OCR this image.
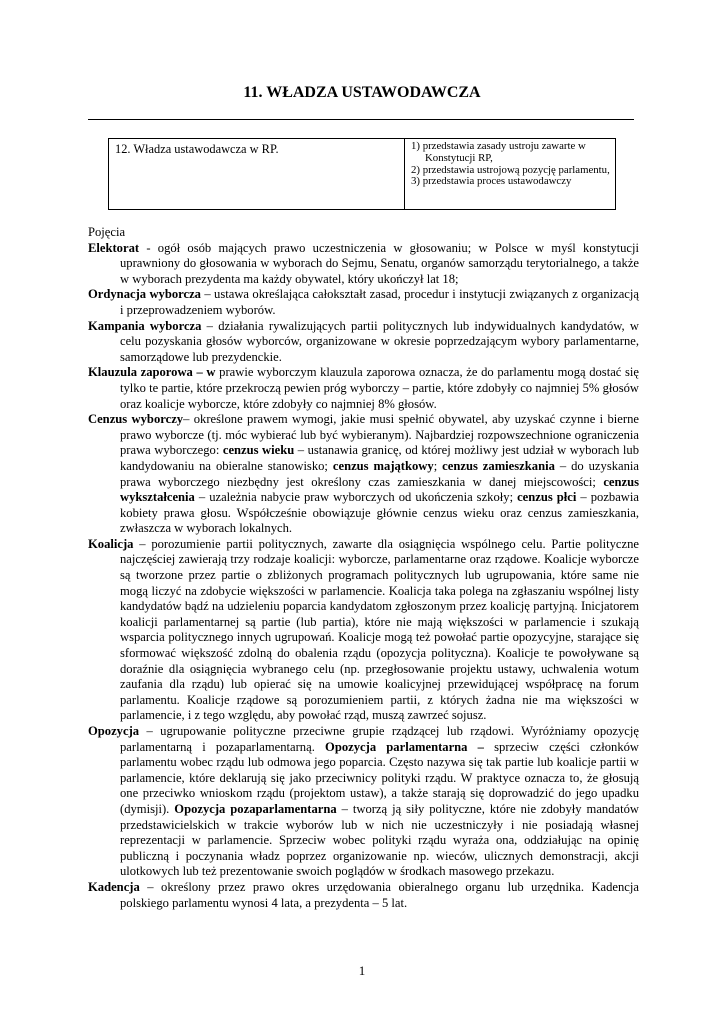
11. WŁADZA USTAWODAWCZA
12. Władza ustawodawcza w RP.	1) przedstawia zasady ustroju zawarte w Konstytucji RP,

2) przedstawia ustrojową pozycję parlamentu,

3) przedstawia proces ustawodawczy

Pojęcia

Elektorat - ogół osób mających prawo uczestniczenia w głosowaniu; w Polsce w myśl konstytucji uprawniony do głosowania w wyborach do Sejmu, Senatu, organów samorządu terytorialnego, a także w wyborach prezydenta ma każdy obywatel, który ukończył lat 18;

Ordynacja wyborcza – ustawa określająca całokształt zasad, procedur i instytucji związanych z organizacją i przeprowadzeniem wyborów.

Kampania wyborcza – działania rywalizujących partii politycznych lub indywidualnych kandydatów, w celu pozyskania głosów wyborców, organizowane w okresie poprzedzającym wybory parlamentarne, samorządowe lub prezydenckie.

Klauzula zaporowa – w prawie wyborczym klauzula zaporowa oznacza, że do parlamentu mogą dostać się tylko te partie, które przekroczą pewien próg wyborczy – partie, które zdobyły co najmniej 5% głosów oraz koalicje wyborcze, które zdobyły co najmniej 8% głosów.

Cenzus wyborczy– określone prawem wymogi, jakie musi spełnić obywatel, aby uzyskać czynne i bierne prawo wyborcze (tj. móc wybierać lub być wybieranym). Najbardziej rozpowszechnione ograniczenia prawa wyborczego: cenzus wieku – ustanawia granicę, od której możliwy jest udział w wyborach lub kandydowaniu na obieralne stanowisko; cenzus majątkowy; cenzus zamieszkania – do uzyskania prawa wyborczego niezbędny jest określony czas zamieszkania w danej miejscowości; cenzus wykształcenia – uzależnia nabycie praw wyborczych od ukończenia szkoły; cenzus płci – pozbawia kobiety prawa głosu. Współcześnie obowiązuje głównie cenzus wieku oraz cenzus zamieszkania, zwłaszcza w wyborach lokalnych.

Koalicja – porozumienie partii politycznych, zawarte dla osiągnięcia wspólnego celu. Partie polityczne najczęściej zawierają trzy rodzaje koalicji: wyborcze, parlamentarne oraz rządowe. Koalicje wyborcze są tworzone przez partie o zbliżonych programach politycznych lub ugrupowania, które same nie mogą liczyć na zdobycie większości w parlamencie. Koalicja taka polega na zgłaszaniu wspólnej listy kandydatów bądź na udzieleniu poparcia kandydatom zgłoszonym przez koalicję partyjną. Inicjatorem koalicji parlamentarnej są partie (lub partia), które nie mają większości w parlamencie i szukają wsparcia politycznego innych ugrupowań. Koalicje mogą też powołać partie opozycyjne, starające się sformować większość zdolną do obalenia rządu (opozycja polityczna). Koalicje te powoływane są doraźnie dla osiągnięcia wybranego celu (np. przegłosowanie projektu ustawy, uchwalenia wotum zaufania dla rządu) lub opierać się na umowie koalicyjnej przewidującej współpracę na forum parlamentu. Koalicje rządowe są porozumieniem partii, z których żadna nie ma większości w parlamencie, i z tego względu, aby powołać rząd, muszą zawrzeć sojusz.

Opozycja – ugrupowanie polityczne przeciwne grupie rządzącej lub rządowi. Wyróżniamy opozycję parlamentarną i pozaparlamentarną. Opozycja parlamentarna – sprzeciw części członków parlamentu wobec rządu lub odmowa jego poparcia. Często nazywa się tak partie lub koalicje partii w parlamencie, które deklarują się jako przeciwnicy polityki rządu. W praktyce oznacza to, że głosują one przeciwko wnioskom rządu (projektom ustaw), a także starają się doprowadzić do jego upadku (dymisji). Opozycja pozaparlamentarna – tworzą ją siły polityczne, które nie zdobyły mandatów przedstawicielskich w trakcie wyborów lub w nich nie uczestniczyły i nie posiadają własnej reprezentacji w parlamencie. Sprzeciw wobec polityki rządu wyraża ona, oddziałując na opinię publiczną i poczynania władz poprzez organizowanie np. wieców, ulicznych demonstracji, akcji ulotkowych lub też prezentowanie swoich poglądów w środkach masowego przekazu.

Kadencja – określony przez prawo okres urzędowania obieralnego organu lub urzędnika. Kadencja polskiego parlamentu wynosi 4 lata, a prezydenta – 5 lat.

1
